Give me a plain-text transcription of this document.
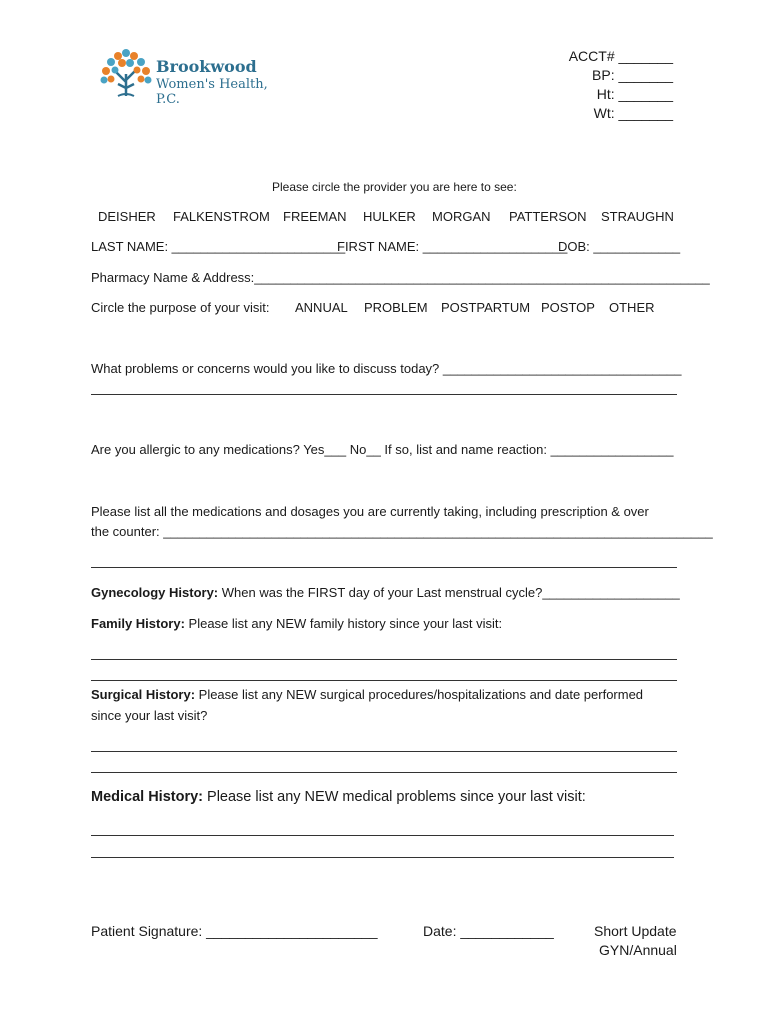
Brookwood
Women's Health, P.C.
ACCT# _______
BP: _______
Ht: _______
Wt: _______
Please circle the provider you are here to see:
DEISHER FALKENSTROM FREEMAN HULKER MORGAN PATTERSON STRAUGHN
LAST NAME: ________________________
FIRST NAME: ____________________
DOB: ____________
Pharmacy Name & Address:_______________________________________________________________
Circle the purpose of your visit: ANNUAL PROBLEM POSTPARTUM POSTOP OTHER
What problems or concerns would you like to discuss today? _________________________________
Are you allergic to any medications? Yes___ No__ If so, list and name reaction: _________________
Please list all the medications and dosages you are currently taking, including prescription & over
the counter: ____________________________________________________________________________
Gynecology History: When was the FIRST day of your Last menstrual cycle?___________________
Family History: Please list any NEW family history since your last visit:
Surgical History: Please list any NEW surgical procedures/hospitalizations and date performed
since your last visit?
Medical History: Please list any NEW medical problems since your last visit:
Patient Signature: ______________________	Date: ____________	Short Update
GYN/Annual
